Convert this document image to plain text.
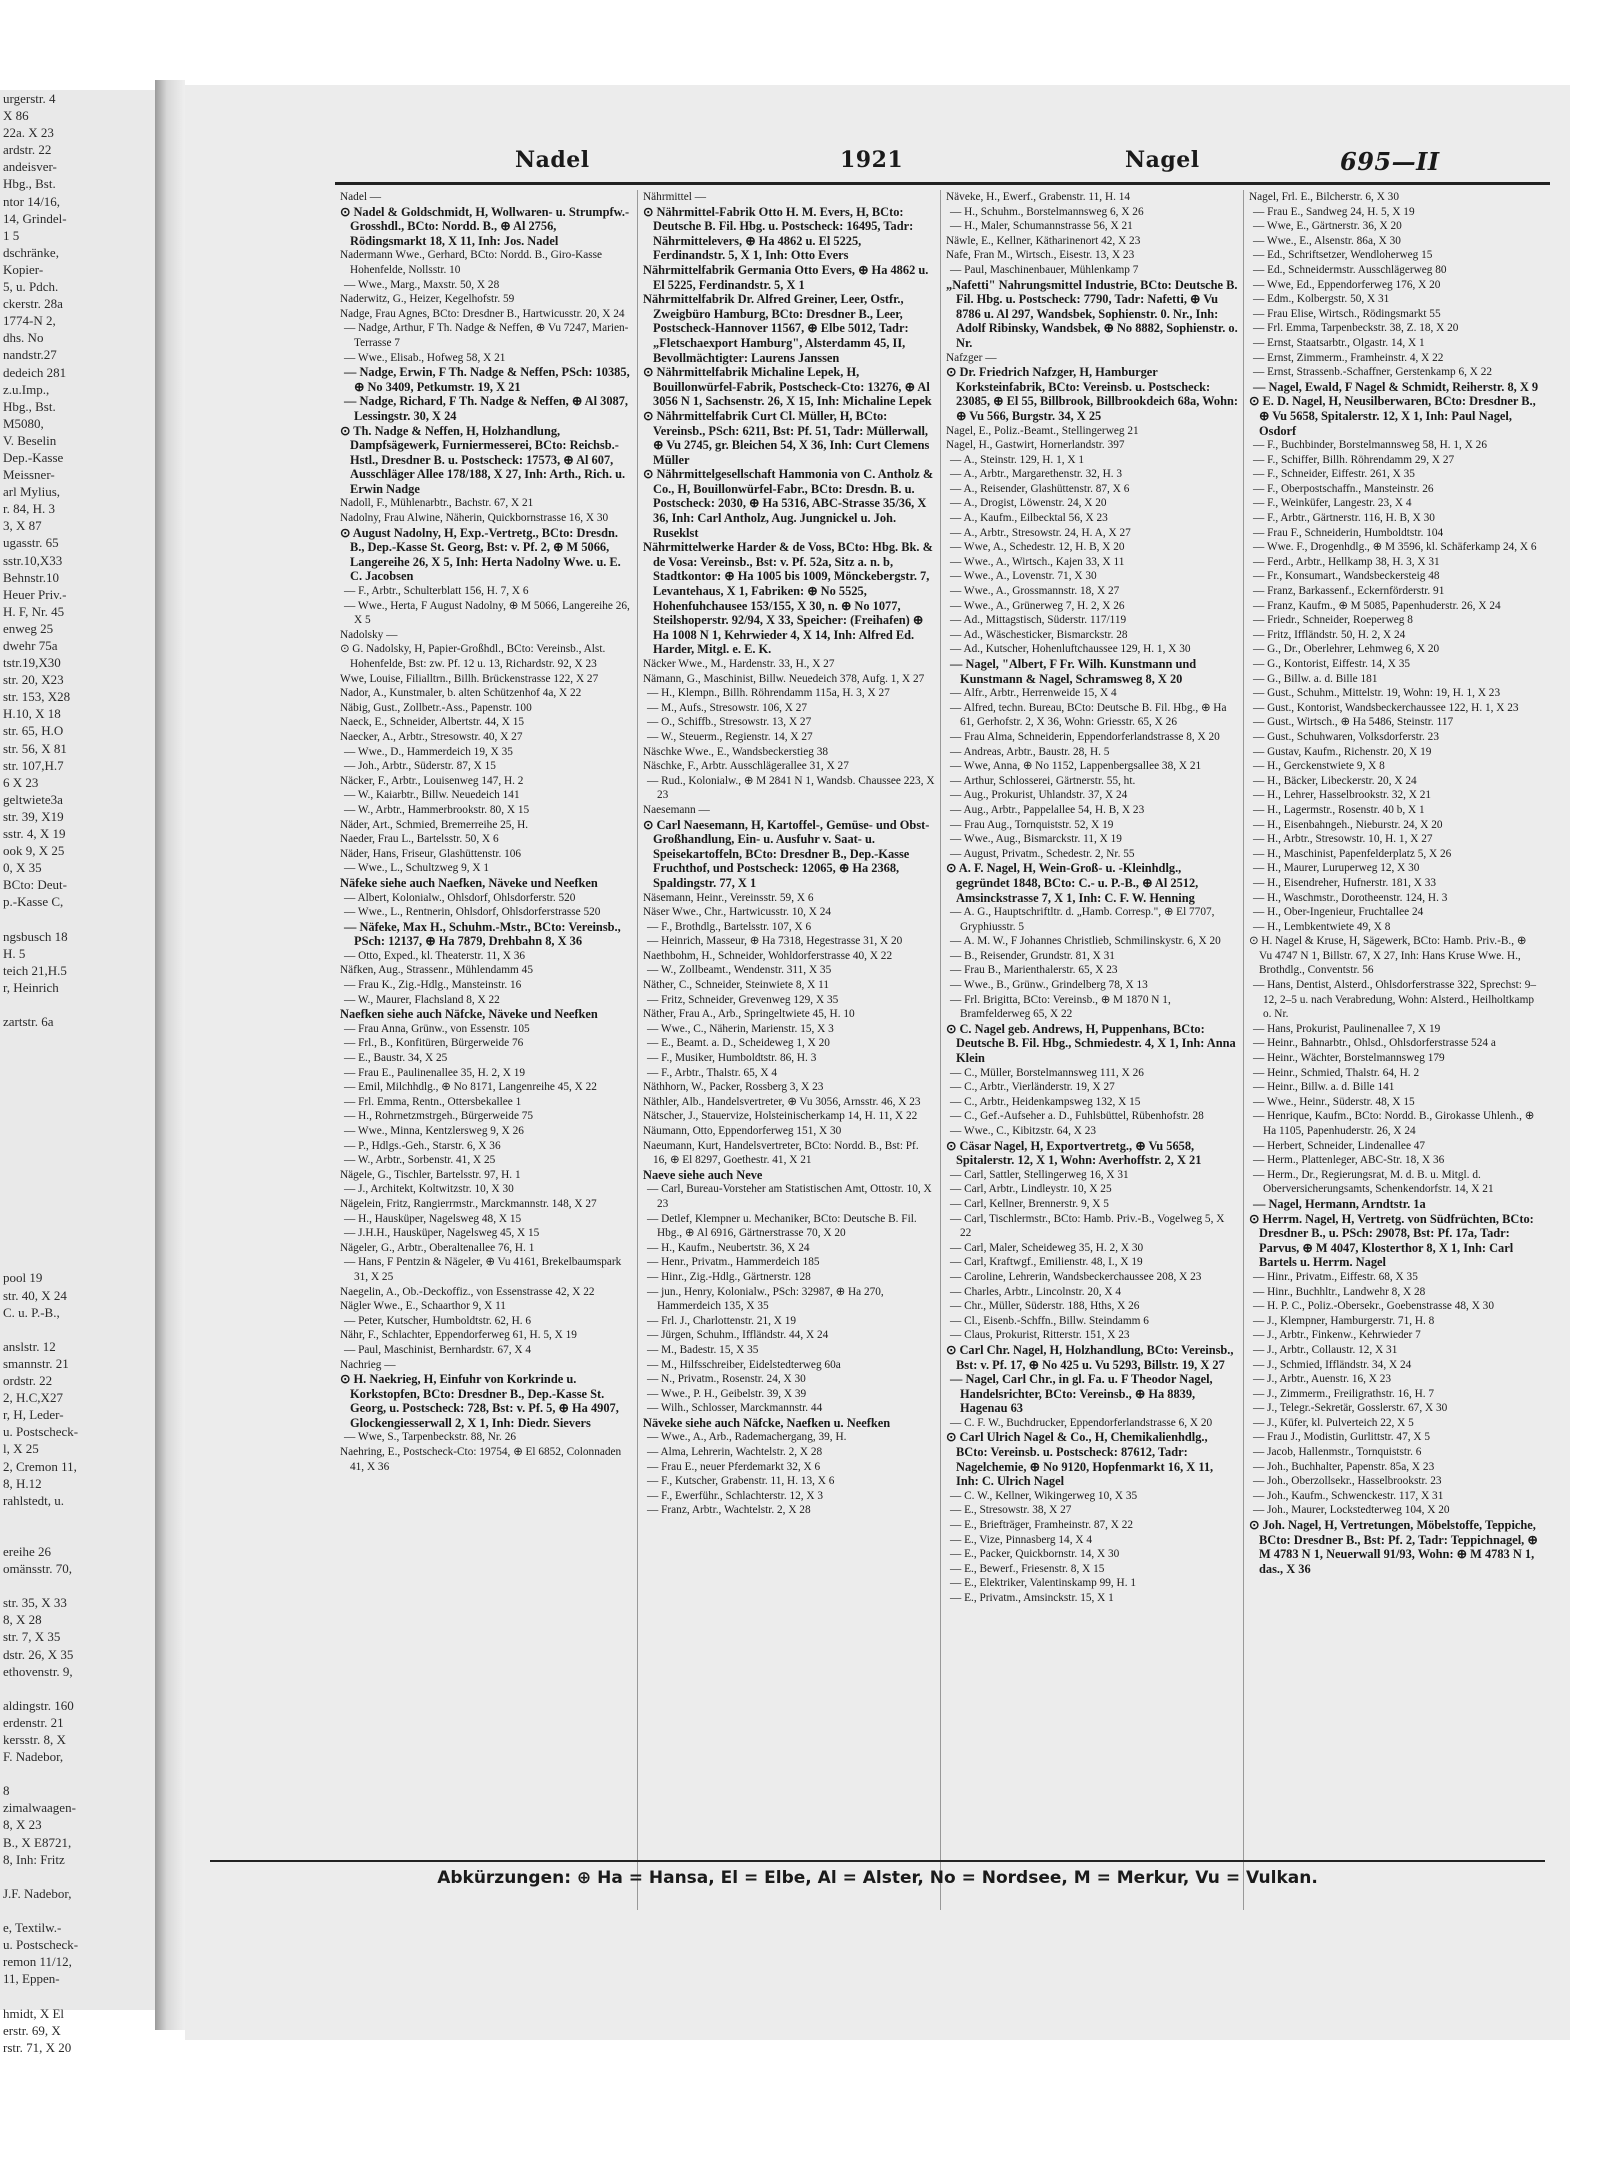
urgerstr. 4
X 86
22a. X 23
ardstr. 22
andeisver-
Hbg., Bst.
ntor 14/16,
14, Grindel-
1 5
dschränke,
Kopier-
5, u. Pdch.
ckerstr. 28a
1774-N 2,
dhs. No
nandstr.27
dedeich 281
z.u.Imp.,
Hbg., Bst.
M5080,
V. Beselin
Dep.-Kasse
Meissner-
arl Mylius,
r. 84, H. 3
3, X 87
ugasstr. 65
sstr.10,X33
Behnstr.10
Heuer Priv.-
H. F, Nr. 45
enweg 25
dwehr 75a
tstr.19,X30
str. 20, X23
str. 153, X28
H.10, X 18
str. 65, H.O
str. 56, X 81
str. 107,H.7
6 X 23
geltwiete3a
str. 39, X19
sstr. 4, X 19
ook 9, X 25
0, X 35
BCto: Deut-
p.-Kasse C,

ngsbusch 18
H. 5
teich 21,H.5
r, Heinrich

zartstr. 6a

pool 19
str. 40, X 24
C. u. P.-B.,

anslstr. 12
smannstr. 21
ordstr. 22
2, H.C,X27
r, H, Leder-
u. Postscheck-
l, X 25
2, Cremon 11,
8, H.12
rahlstedt, u.

ereihe 26
omänsstr. 70,

str. 35, X 33
8, X 28
str. 7, X 35
dstr. 26, X 35
ethovenstr. 9,

aldingstr. 160
erdenstr. 21
kersstr. 8, X
F. Nadebor,

8
zimalwaagen-
8, X 23
B., X E8721,
8, Inh: Fritz

J.F. Nadebor,

e, Textilw.-
u. Postscheck-
remon 11/12,
11, Eppen-

hmidt, X El
erstr. 69, X
rstr. 71, X 20
Nadel	1921	Nagel	695—II

Nadel —

⊙ Nadel & Goldschmidt, H, Wollwaren- u. Strumpfw.-Grosshdl., BCto: Nordd. B., ⊕ Al 2756, Rödingsmarkt 18, X 11, Inh: Jos. Nadel

Nadermann Wwe., Gerhard, BCto: Nordd. B., Giro-Kasse Hohenfelde, Nollsstr. 10

— Wwe., Marg., Maxstr. 50, X 28

Naderwitz, G., Heizer, Kegelhofstr. 59

Nadge, Frau Agnes, BCto: Dresdner B., Hartwicusstr. 20, X 24

— Nadge, Arthur, F Th. Nadge & Neffen, ⊕ Vu 7247, Marien-Terrasse 7

— Wwe., Elisab., Hofweg 58, X 21

— Nadge, Erwin, F Th. Nadge & Neffen, PSch: 10385, ⊕ No 3409, Petkumstr. 19, X 21

— Nadge, Richard, F Th. Nadge & Neffen, ⊕ Al 3087, Lessingstr. 30, X 24

⊙ Th. Nadge & Neffen, H, Holzhandlung, Dampfsägewerk, Furniermesserei, BCto: Reichsb.-Hstl., Dresdner B. u. Postscheck: 17573, ⊕ Al 607, Ausschläger Allee 178/188, X 27, Inh: Arth., Rich. u. Erwin Nadge

Nadoll, F., Mühlenarbtr., Bachstr. 67, X 21

Nadolny, Frau Alwine, Näherin, Quickbornstrasse 16, X 30

⊙ August Nadolny, H, Exp.-Vertretg., BCto: Dresdn. B., Dep.-Kasse St. Georg, Bst: v. Pf. 2, ⊕ M 5066, Langereihe 26, X 5, Inh: Herta Nadolny Wwe. u. E. C. Jacobsen

— F., Arbtr., Schulterblatt 156, H. 7, X 6

— Wwe., Herta, F August Nadolny, ⊕ M 5066, Langereihe 26, X 5

Nadolsky —

⊙ G. Nadolsky, H, Papier-Großhdl., BCto: Vereinsb., Alst. Hohenfelde, Bst: zw. Pf. 12 u. 13, Richardstr. 92, X 23

Wwe, Louise, Filialltrn., Billh. Brückenstrasse 122, X 27

Nador, A., Kunstmaler, b. alten Schützenhof 4a, X 22

Näbig, Gust., Zollbetr.-Ass., Papenstr. 100

Naeck, E., Schneider, Albertstr. 44, X 15

Naecker, A., Arbtr., Stresowstr. 40, X 27

— Wwe., D., Hammerdeich 19, X 35

— Joh., Arbtr., Süderstr. 87, X 15

Näcker, F., Arbtr., Louisenweg 147, H. 2

— W., Kaiarbtr., Billw. Neuedeich 141

— W., Arbtr., Hammerbrookstr. 80, X 15

Näder, Art., Schmied, Bremerreihe 25, H.

Naeder, Frau L., Bartelsstr. 50, X 6

Näder, Hans, Friseur, Glashüttenstr. 106

— Wwe., L., Schultzweg 9, X 1

Näfeke siehe auch Naefken, Näveke und Neefken

— Albert, Kolonialw., Ohlsdorf, Ohlsdorferstr. 520

— Wwe., L., Rentnerin, Ohlsdorf, Ohlsdorferstrasse 520

— Näfeke, Max H., Schuhm.-Mstr., BCto: Vereinsb., PSch: 12137, ⊕ Ha 7879, Drehbahn 8, X 36

— Otto, Exped., kl. Theaterstr. 11, X 36

Näfken, Aug., Strassenr., Mühlendamm 45

— Frau K., Zig.-Hdlg., Mansteinstr. 16

— W., Maurer, Flachsland 8, X 22

Naefken siehe auch Näfcke, Näveke und Neefken

— Frau Anna, Grünw., von Essenstr. 105

— Frl., B., Konfitüren, Bürgerweide 76

— E., Baustr. 34, X 25

— Frau E., Paulinenallee 35, H. 2, X 19

— Emil, Milchhdlg., ⊕ No 8171, Langenreihe 45, X 22

— Frl. Emma, Rentn., Ottersbekallee 1

— H., Rohrnetzmstrgeh., Bürgerweide 75

— Wwe., Minna, Kentzlersweg 9, X 26

— P., Hdlgs.-Geh., Starstr. 6, X 36

— W., Arbtr., Sorbenstr. 41, X 25

Nägele, G., Tischler, Bartelsstr. 97, H. 1

— J., Architekt, Koltwitzstr. 10, X 30

Nägelein, Fritz, Rangierrmstr., Marckmannstr. 148, X 27

— H., Hausküper, Nagelsweg 48, X 15

— J.H.H., Hausküper, Nagelsweg 45, X 15

Nägeler, G., Arbtr., Oberaltenallee 76, H. 1

— Hans, F Pentzin & Nägeler, ⊕ Vu 4161, Brekelbaumspark 31, X 25

Naegelin, A., Ob.-Deckoffiz., von Essenstrasse 42, X 22

Nägler Wwe., E., Schaarthor 9, X 11

— Peter, Kutscher, Humboldtstr. 62, H. 6

Nähr, F., Schlachter, Eppendorferweg 61, H. 5, X 19

— Paul, Maschinist, Bernhardstr. 67, X 4

Nachrieg —

⊙ H. Naekrieg, H, Einfuhr von Korkrinde u. Korkstopfen, BCto: Dresdner B., Dep.-Kasse St. Georg, u. Postscheck: 728, Bst: v. Pf. 5, ⊕ Ha 4907, Glockengiesserwall 2, X 1, Inh: Diedr. Sievers

— Wwe, S., Tarpenbeckstr. 88, Nr. 26

Naehring, E., Postscheck-Cto: 19754, ⊕ El 6852, Colonnaden 41, X 36

Nährmittel —

⊙ Nährmittel-Fabrik Otto H. M. Evers, H, BCto: Deutsche B. Fil. Hbg. u. Postscheck: 16495, Tadr: Nährmittelevers, ⊕ Ha 4862 u. El 5225, Ferdinandstr. 5, X 1, Inh: Otto Evers

Nährmittelfabrik Germania Otto Evers, ⊕ Ha 4862 u. El 5225, Ferdinandstr. 5, X 1

Nährmittelfabrik Dr. Alfred Greiner, Leer, Ostfr., Zweigbüro Hamburg, BCto: Dresdner B., Leer, Postscheck-Hannover 11567, ⊕ Elbe 5012, Tadr: „Fletschaexport Hamburg", Alsterdamm 45, II, Bevollmächtigter: Laurens Janssen

⊙ Nährmittelfabrik Michaline Lepek, H, Bouillonwürfel-Fabrik, Postscheck-Cto: 13276, ⊕ Al 3056 N 1, Sachsenstr. 26, X 15, Inh: Michaline Lepek

⊙ Nährmittelfabrik Curt Cl. Müller, H, BCto: Vereinsb., PSch: 6211, Bst: Pf. 51, Tadr: Müllerwall, ⊕ Vu 2745, gr. Bleichen 54, X 36, Inh: Curt Clemens Müller

⊙ Nährmittelgesellschaft Hammonia von C. Antholz & Co., H, Bouillonwürfel-Fabr., BCto: Dresdn. B. u. Postscheck: 2030, ⊕ Ha 5316, ABC-Strasse 35/36, X 36, Inh: Carl Antholz, Aug. Jungnickel u. Joh. Ruseklst

Nährmittelwerke Harder & de Voss, BCto: Hbg. Bk. & de Vosa: Vereinsb., Bst: v. Pf. 52a, Sitz a. n. b, Stadtkontor: ⊕ Ha 1005 bis 1009, Mönckebergstr. 7, Levantehaus, X 1, Fabriken: ⊕ No 5525, Hohenfuhchausee 153/155, X 30, n. ⊕ No 1077, Steilshoperstr. 92/94, X 33, Speicher: (Freihafen) ⊕ Ha 1008 N 1, Kehrwieder 4, X 14, Inh: Alfred Ed. Harder, Mitgl. e. E. K.

Näcker Wwe., M., Hardenstr. 33, H., X 27

Nämann, G., Maschinist, Billw. Neuedeich 378, Aufg. 1, X 27

— H., Klempn., Billh. Röhrendamm 115a, H. 3, X 27

— M., Aufs., Stresowstr. 106, X 27

— O., Schiffb., Stresowstr. 13, X 27

— W., Steuerm., Regienstr. 14, X 27

Näschke Wwe., E., Wandsbeckerstieg 38

Näschke, F., Arbtr. Ausschlägerallee 31, X 27

— Rud., Kolonialw., ⊕ M 2841 N 1, Wandsb. Chaussee 223, X 23

Naesemann —

⊙ Carl Naesemann, H, Kartoffel-, Gemüse- und Obst-Großhandlung, Ein- u. Ausfuhr v. Saat- u. Speisekartoffeln, BCto: Dresdner B., Dep.-Kasse Fruchthof, und Postscheck: 12065, ⊕ Ha 2368, Spaldingstr. 77, X 1

Näsemann, Heinr., Vereinsstr. 59, X 6

Näser Wwe., Chr., Hartwicusstr. 10, X 24

— F., Brothdlg., Bartelsstr. 107, X 6

— Heinrich, Masseur, ⊕ Ha 7318, Hegestrasse 31, X 20

Naethbohm, H., Schneider, Wohldorferstrasse 40, X 22

— W., Zollbeamt., Wendenstr. 311, X 35

Näther, C., Schneider, Steinwiete 8, X 11

— Fritz, Schneider, Grevenweg 129, X 35

Näther, Frau A., Arb., Springeltwiete 45, H. 10

— Wwe., C., Näherin, Marienstr. 15, X 3

— E., Beamt. a. D., Scheideweg 1, X 20

— F., Musiker, Humboldtstr. 86, H. 3

— F., Arbtr., Thalstr. 65, X 4

Näthhorn, W., Packer, Rossberg 3, X 23

Näthler, Alb., Handelsvertreter, ⊕ Vu 3056, Arnsstr. 46, X 23

Nätscher, J., Stauervize, Holsteinischerkamp 14, H. 11, X 22

Näumann, Otto, Eppendorferweg 151, X 30

Naeumann, Kurt, Handelsvertreter, BCto: Nordd. B., Bst: Pf. 16, ⊕ El 8297, Goethestr. 41, X 21

Naeve siehe auch Neve

— Carl, Bureau-Vorsteher am Statistischen Amt, Ottostr. 10, X 23

— Detlef, Klempner u. Mechaniker, BCto: Deutsche B. Fil. Hbg., ⊕ Al 6916, Gärtnerstrasse 70, X 20

— H., Kaufm., Neubertstr. 36, X 24

— Henr., Privatm., Hammerdeich 185

— Hinr., Zig.-Hdlg., Gärtnerstr. 128

— jun., Henry, Kolonialw., PSch: 32987, ⊕ Ha 270, Hammerdeich 135, X 35

— Frl. J., Charlottenstr. 21, X 19

— Jürgen, Schuhm., Iffländstr. 44, X 24

— M., Badestr. 15, X 35

— M., Hilfsschreiber, Eidelstedterweg 60a

— N., Privatm., Rosenstr. 24, X 30

— Wwe., P. H., Geibelstr. 39, X 39

— Wilh., Schlosser, Marckmannstr. 44

Näveke siehe auch Näfcke, Naefken u. Neefken

— Wwe., A., Arb., Rademachergang, 39, H.

— Alma, Lehrerin, Wachtelstr. 2, X 28

— Frau E., neuer Pferdemarkt 32, X 6

— F., Kutscher, Grabenstr. 11, H. 13, X 6

— F., Ewerführ., Schlachterstr. 12, X 3

— Franz, Arbtr., Wachtelstr. 2, X 28

Näveke, H., Ewerf., Grabenstr. 11, H. 14

— H., Schuhm., Borstelmannsweg 6, X 26

— H., Maler, Schumannstrasse 56, X 21

Näwle, E., Kellner, Kätharinenort 42, X 23

Nafe, Fran M., Wirtsch., Eisestr. 13, X 23

— Paul, Maschinenbauer, Mühlenkamp 7

„Nafetti" Nahrungsmittel Industrie, BCto: Deutsche B. Fil. Hbg. u. Postscheck: 7790, Tadr: Nafetti, ⊕ Vu 8786 u. Al 297, Wandsbek, Sophienstr. 0. Nr., Inh: Adolf Ribinsky, Wandsbek, ⊕ No 8882, Sophienstr. o. Nr.

Nafzger —

⊙ Dr. Friedrich Nafzger, H, Hamburger Korksteinfabrik, BCto: Vereinsb. u. Postscheck: 23085, ⊕ El 55, Billbrook, Billbrookdeich 68a, Wohn: ⊕ Vu 566, Burgstr. 34, X 25

Nagel, E., Poliz.-Beamt., Stellingerweg 21

Nagel, H., Gastwirt, Hornerlandstr. 397

— A., Steinstr. 129, H. 1, X 1

— A., Arbtr., Margarethenstr. 32, H. 3

— A., Reisender, Glashüttenstr. 87, X 6

— A., Drogist, Löwenstr. 24, X 20

— A., Kaufm., Eilbecktal 56, X 23

— A., Arbtr., Stresowstr. 24, H. A, X 27

— Wwe, A., Schedestr. 12, H. B, X 20

— Wwe., A., Wirtsch., Kajen 33, X 11

— Wwe., A., Lovenstr. 71, X 30

— Wwe., A., Grossmannstr. 18, X 27

— Wwe., A., Grünerweg 7, H. 2, X 26

— Ad., Mittagstisch, Süderstr. 117/119

— Ad., Wäschesticker, Bismarckstr. 28

— Ad., Kutscher, Hohenluftchaussee 129, H. 1, X 30

— Nagel, "Albert, F Fr. Wilh. Kunstmann und Kunstmann & Nagel, Schramsweg 8, X 20

— Alfr., Arbtr., Herrenweide 15, X 4

— Alfred, techn. Bureau, BCto: Deutsche B. Fil. Hbg., ⊕ Ha 61, Gerhofstr. 2, X 36, Wohn: Griesstr. 65, X 26

— Frau Alma, Schneiderin, Eppendorferlandstrasse 8, X 20

— Andreas, Arbtr., Baustr. 28, H. 5

— Wwe, Anna, ⊕ No 1152, Lappenbergsallee 38, X 21

— Arthur, Schlosserei, Gärtnerstr. 55, ht.

— Aug., Prokurist, Uhlandstr. 37, X 24

— Aug., Arbtr., Pappelallee 54, H. B, X 23

— Frau Aug., Tornquiststr. 52, X 19

— Wwe., Aug., Bismarckstr. 11, X 19

— August, Privatm., Schedestr. 2, Nr. 55

⊙ A. F. Nagel, H, Wein-Groß- u. -Kleinhdlg., gegründet 1848, BCto: C.- u. P.-B., ⊕ Al 2512, Amsinckstrasse 7, X 1, Inh: C. F. W. Henning

— A. G., Hauptschriftltr. d. „Hamb. Corresp.", ⊕ El 7707, Gryphiusstr. 5

— A. M. W., F Johannes Christlieb, Schmilinskystr. 6, X 20

— B., Reisender, Grundstr. 81, X 31

— Frau B., Marienthalerstr. 65, X 23

— Wwe., B., Grünw., Grindelberg 78, X 13

— Frl. Brigitta, BCto: Vereinsb., ⊕ M 1870 N 1, Bramfelderweg 65, X 22

⊙ C. Nagel geb. Andrews, H, Puppenhans, BCto: Deutsche B. Fil. Hbg., Schmiedestr. 4, X 1, Inh: Anna Klein

— C., Müller, Borstelmannsweg 111, X 26

— C., Arbtr., Vierländerstr. 19, X 27

— C., Arbtr., Heidenkampsweg 132, X 15

— C., Gef.-Aufseher a. D., Fuhlsbüttel, Rübenhofstr. 28

— Wwe., C., Kibitzstr. 64, X 23

⊙ Cäsar Nagel, H, Exportvertretg., ⊕ Vu 5658, Spitalerstr. 12, X 1, Wohn: Averhoffstr. 2, X 21

— Carl, Sattler, Stellingerweg 16, X 31

— Carl, Arbtr., Lindleystr. 10, X 25

— Carl, Kellner, Brennerstr. 9, X 5

— Carl, Tischlermstr., BCto: Hamb. Priv.-B., Vogelweg 5, X 22

— Carl, Maler, Scheideweg 35, H. 2, X 30

— Carl, Kraftwgf., Emilienstr. 48, I., X 19

— Caroline, Lehrerin, Wandsbeckerchaussee 208, X 23

— Charles, Arbtr., Lincolnstr. 20, X 4

— Chr., Müller, Süderstr. 188, Hths, X 26

— Cl., Eisenb.-Schffn., Billw. Steindamm 6

— Claus, Prokurist, Ritterstr. 151, X 23

⊙ Carl Chr. Nagel, H, Holzhandlung, BCto: Vereinsb., Bst: v. Pf. 17, ⊕ No 425 u. Vu 5293, Billstr. 19, X 27

— Nagel, Carl Chr., in gl. Fa. u. F Theodor Nagel, Handelsrichter, BCto: Vereinsb., ⊕ Ha 8839, Hagenau 63

— C. F. W., Buchdrucker, Eppendorferlandstrasse 6, X 20

⊙ Carl Ulrich Nagel & Co., H, Chemikalienhdlg., BCto: Vereinsb. u. Postscheck: 87612, Tadr: Nagelchemie, ⊕ No 9120, Hopfenmarkt 16, X 11, Inh: C. Ulrich Nagel

— C. W., Kellner, Wikingerweg 10, X 35

— E., Stresowstr. 38, X 27

— E., Briefträger, Framheinstr. 87, X 22

— E., Vize, Pinnasberg 14, X 4

— E., Packer, Quickbornstr. 14, X 30

— E., Bewerf., Friesenstr. 8, X 15

— E., Elektriker, Valentinskamp 99, H. 1

— E., Privatm., Amsinckstr. 15, X 1

Nagel, Frl. E., Bilcherstr. 6, X 30

— Frau E., Sandweg 24, H. 5, X 19

— Wwe, E., Gärtnerstr. 36, X 20

— Wwe., E., Alsenstr. 86a, X 30

— Ed., Schriftsetzer, Wendloherweg 15

— Ed., Schneidermstr. Ausschlägerweg 80

— Wwe, Ed., Eppendorferweg 176, X 20

— Edm., Kolbergstr. 50, X 31

— Frau Elise, Wirtsch., Rödingsmarkt 55

— Frl. Emma, Tarpenbeckstr. 38, Z. 18, X 20

— Ernst, Staatsarbtr., Olgastr. 14, X 1

— Ernst, Zimmerm., Framheinstr. 4, X 22

— Ernst, Strassenb.-Schaffner, Gerstenkamp 6, X 22

— Nagel, Ewald, F Nagel & Schmidt, Reiherstr. 8, X 9

⊙ E. D. Nagel, H, Neusilberwaren, BCto: Dresdner B., ⊕ Vu 5658, Spitalerstr. 12, X 1, Inh: Paul Nagel, Osdorf

— F., Buchbinder, Borstelmannsweg 58, H. 1, X 26

— F., Schiffer, Billh. Röhrendamm 29, X 27

— F., Schneider, Eiffestr. 261, X 35

— F., Oberpostschaffn., Mansteinstr. 26

— F., Weinküfer, Langestr. 23, X 4

— F., Arbtr., Gärtnerstr. 116, H. B, X 30

— Frau F., Schneiderin, Humboldtstr. 104

— Wwe. F., Drogenhdlg., ⊕ M 3596, kl. Schäferkamp 24, X 6

— Ferd., Arbtr., Hellkamp 38, H. 3, X 31

— Fr., Konsumart., Wandsbeckersteig 48

— Franz, Barkassenf., Eckernförderstr. 91

— Franz, Kaufm., ⊕ M 5085, Papenhuderstr. 26, X 24

— Friedr., Schneider, Roeperweg 8

— Fritz, Iffländstr. 50, H. 2, X 24

— G., Dr., Oberlehrer, Lehmweg 6, X 20

— G., Kontorist, Eiffestr. 14, X 35

— G., Billw. a. d. Bille 181

— Gust., Schuhm., Mittelstr. 19, Wohn: 19, H. 1, X 23

— Gust., Kontorist, Wandsbeckerchaussee 122, H. 1, X 23

— Gust., Wirtsch., ⊕ Ha 5486, Steinstr. 117

— Gust., Schuhwaren, Volksdorferstr. 23

— Gustav, Kaufm., Richenstr. 20, X 19

— H., Gerckenstwiete 9, X 8

— H., Bäcker, Libeckerstr. 20, X 24

— H., Lehrer, Hasselbrookstr. 32, X 21

— H., Lagermstr., Rosenstr. 40 b, X 1

— H., Eisenbahngeh., Nieburstr. 24, X 20

— H., Arbtr., Stresowstr. 10, H. 1, X 27

— H., Maschinist, Papenfelderplatz 5, X 26

— H., Maurer, Luruperweg 12, X 30

— H., Eisendreher, Hufnerstr. 181, X 33

— H., Waschmstr., Dorotheenstr. 124, H. 3

— H., Ober-Ingenieur, Fruchtallee 24

— H., Lembkentwiete 49, X 8

⊙ H. Nagel & Kruse, H, Sägewerk, BCto: Hamb. Priv.-B., ⊕ Vu 4747 N 1, Billstr. 67, X 27, Inh: Hans Kruse Wwe. H., Brothdlg., Conventstr. 56

— Hans, Dentist, Alsterd., Ohlsdorferstrasse 322, Sprechst: 9–12, 2–5 u. nach Verabredung, Wohn: Alsterd., Heilholtkamp o. Nr.

— Hans, Prokurist, Paulinenallee 7, X 19

— Heinr., Bahnarbtr., Ohlsd., Ohlsdorferstrasse 524 a

— Heinr., Wächter, Borstelmannsweg 179

— Heinr., Schmied, Thalstr. 64, H. 2

— Heinr., Billw. a. d. Bille 141

— Wwe., Heinr., Süderstr. 48, X 15

— Henrique, Kaufm., BCto: Nordd. B., Girokasse Uhlenh., ⊕ Ha 1105, Papenhuderstr. 26, X 24

— Herbert, Schneider, Lindenallee 47

— Herm., Plattenleger, ABC-Str. 18, X 36

— Herm., Dr., Regierungsrat, M. d. B. u. Mitgl. d. Oberversicherungsamts, Schenkendorfstr. 14, X 21

— Nagel, Hermann, Arndtstr. 1a

⊙ Herrm. Nagel, H, Vertretg. von Südfrüchten, BCto: Dresdner B., u. PSch: 29078, Bst: Pf. 17a, Tadr: Parvus, ⊕ M 4047, Klosterthor 8, X 1, Inh: Carl Bartels u. Herrm. Nagel

— Hinr., Privatm., Eiffestr. 68, X 35

— Hinr., Buchhltr., Landwehr 8, X 28

— H. P. C., Poliz.-Obersekr., Goebenstrasse 48, X 30

— J., Klempner, Hamburgerstr. 71, H. 8

— J., Arbtr., Finkenw., Kehrwieder 7

— J., Arbtr., Collaustr. 12, X 31

— J., Schmied, Iffländstr. 34, X 24

— J., Arbtr., Auenstr. 16, X 23

— J., Zimmerm., Freiligrathstr. 16, H. 7

— J., Telegr.-Sekretär, Gosslerstr. 67, X 30

— J., Küfer, kl. Pulverteich 22, X 5

— Frau J., Modistin, Gurlittstr. 47, X 5

— Jacob, Hallenmstr., Tornquiststr. 6

— Joh., Buchhalter, Papenstr. 85a, X 23

— Joh., Oberzollsekr., Hasselbrookstr. 23

— Joh., Kaufm., Schwenckestr. 117, X 31

— Joh., Maurer, Lockstedterweg 104, X 20

⊙ Joh. Nagel, H, Vertretungen, Möbelstoffe, Teppiche, BCto: Dresdner B., Bst: Pf. 2, Tadr: Teppichnagel, ⊕ M 4783 N 1, Neuerwall 91/93, Wohn: ⊕ M 4783 N 1, das., X 36

Abkürzungen: ⊕ Ha = Hansa, El = Elbe, Al = Alster, No = Nordsee, M = Merkur, Vu = Vulkan.
